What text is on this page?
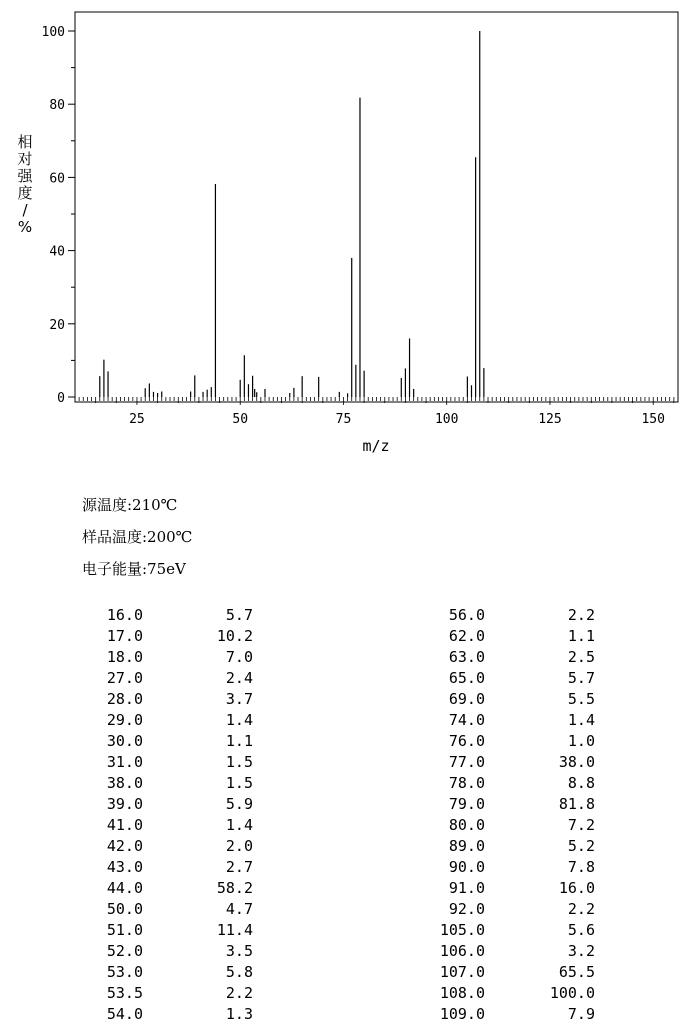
0
20
40
60
80
100
25	50	75	100	125	150
m/z
相对强度/ %
源温度:210℃
样品温度:200℃
电子能量:75eV
16.0	5.7
17.0	10.2
18.0	7.0
27.0	2.4
28.0	3.7
29.0	1.4
30.0	1.1
31.0	1.5
38.0	1.5
39.0	5.9
41.0	1.4
42.0	2.0
43.0	2.7
44.0	58.2
50.0	4.7
51.0	11.4
52.0	3.5
53.0	5.8
53.5	2.2
54.0	1.3
56.0	2.2
62.0	1.1
63.0	2.5
65.0	5.7
69.0	5.5
74.0	1.4
76.0	1.0
77.0	38.0
78.0	8.8
79.0	81.8
80.0	7.2
89.0	5.2
90.0	7.8
91.0	16.0
92.0	2.2
105.0	5.6
106.0	3.2
107.0	65.5
108.0	100.0
109.0	7.9
